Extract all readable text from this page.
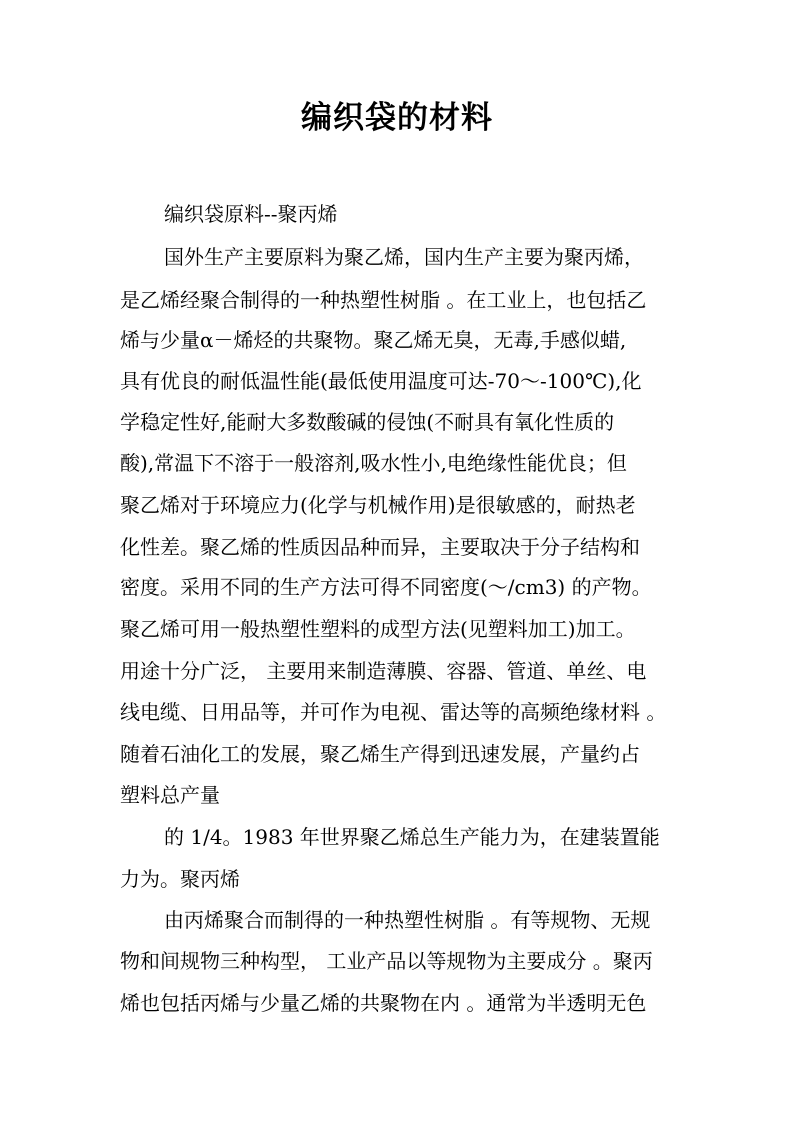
编织袋的材料
编织袋原料--聚丙烯
国外生产主要原料为聚乙烯，国内生产主要为聚丙烯，
是乙烯经聚合制得的一种热塑性树脂 。在工业上，也包括乙
烯与少量α－烯烃的共聚物。聚乙烯无臭，无毒,手感似蜡,
具有优良的耐低温性能(最低使用温度可达-70～-100℃),化
学稳定性好,能耐大多数酸碱的侵蚀(不耐具有氧化性质的
酸),常温下不溶于一般溶剂,吸水性小,电绝缘性能优良；但
聚乙烯对于环境应力(化学与机械作用)是很敏感的，耐热老
化性差。聚乙烯的性质因品种而异，主要取决于分子结构和
密度。采用不同的生产方法可得不同密度(～/cm3) 的产物。
聚乙烯可用一般热塑性塑料的成型方法(见塑料加工)加工。
用途十分广泛， 主要用来制造薄膜、容器、管道、单丝、电
线电缆、日用品等，并可作为电视、雷达等的高频绝缘材料 。
随着石油化工的发展，聚乙烯生产得到迅速发展，产量约占
塑料总产量
的 1/4。1983 年世界聚乙烯总生产能力为，在建装置能
力为。聚丙烯
由丙烯聚合而制得的一种热塑性树脂 。有等规物、无规
物和间规物三种构型， 工业产品以等规物为主要成分 。聚丙
烯也包括丙烯与少量乙烯的共聚物在内 。通常为半透明无色
